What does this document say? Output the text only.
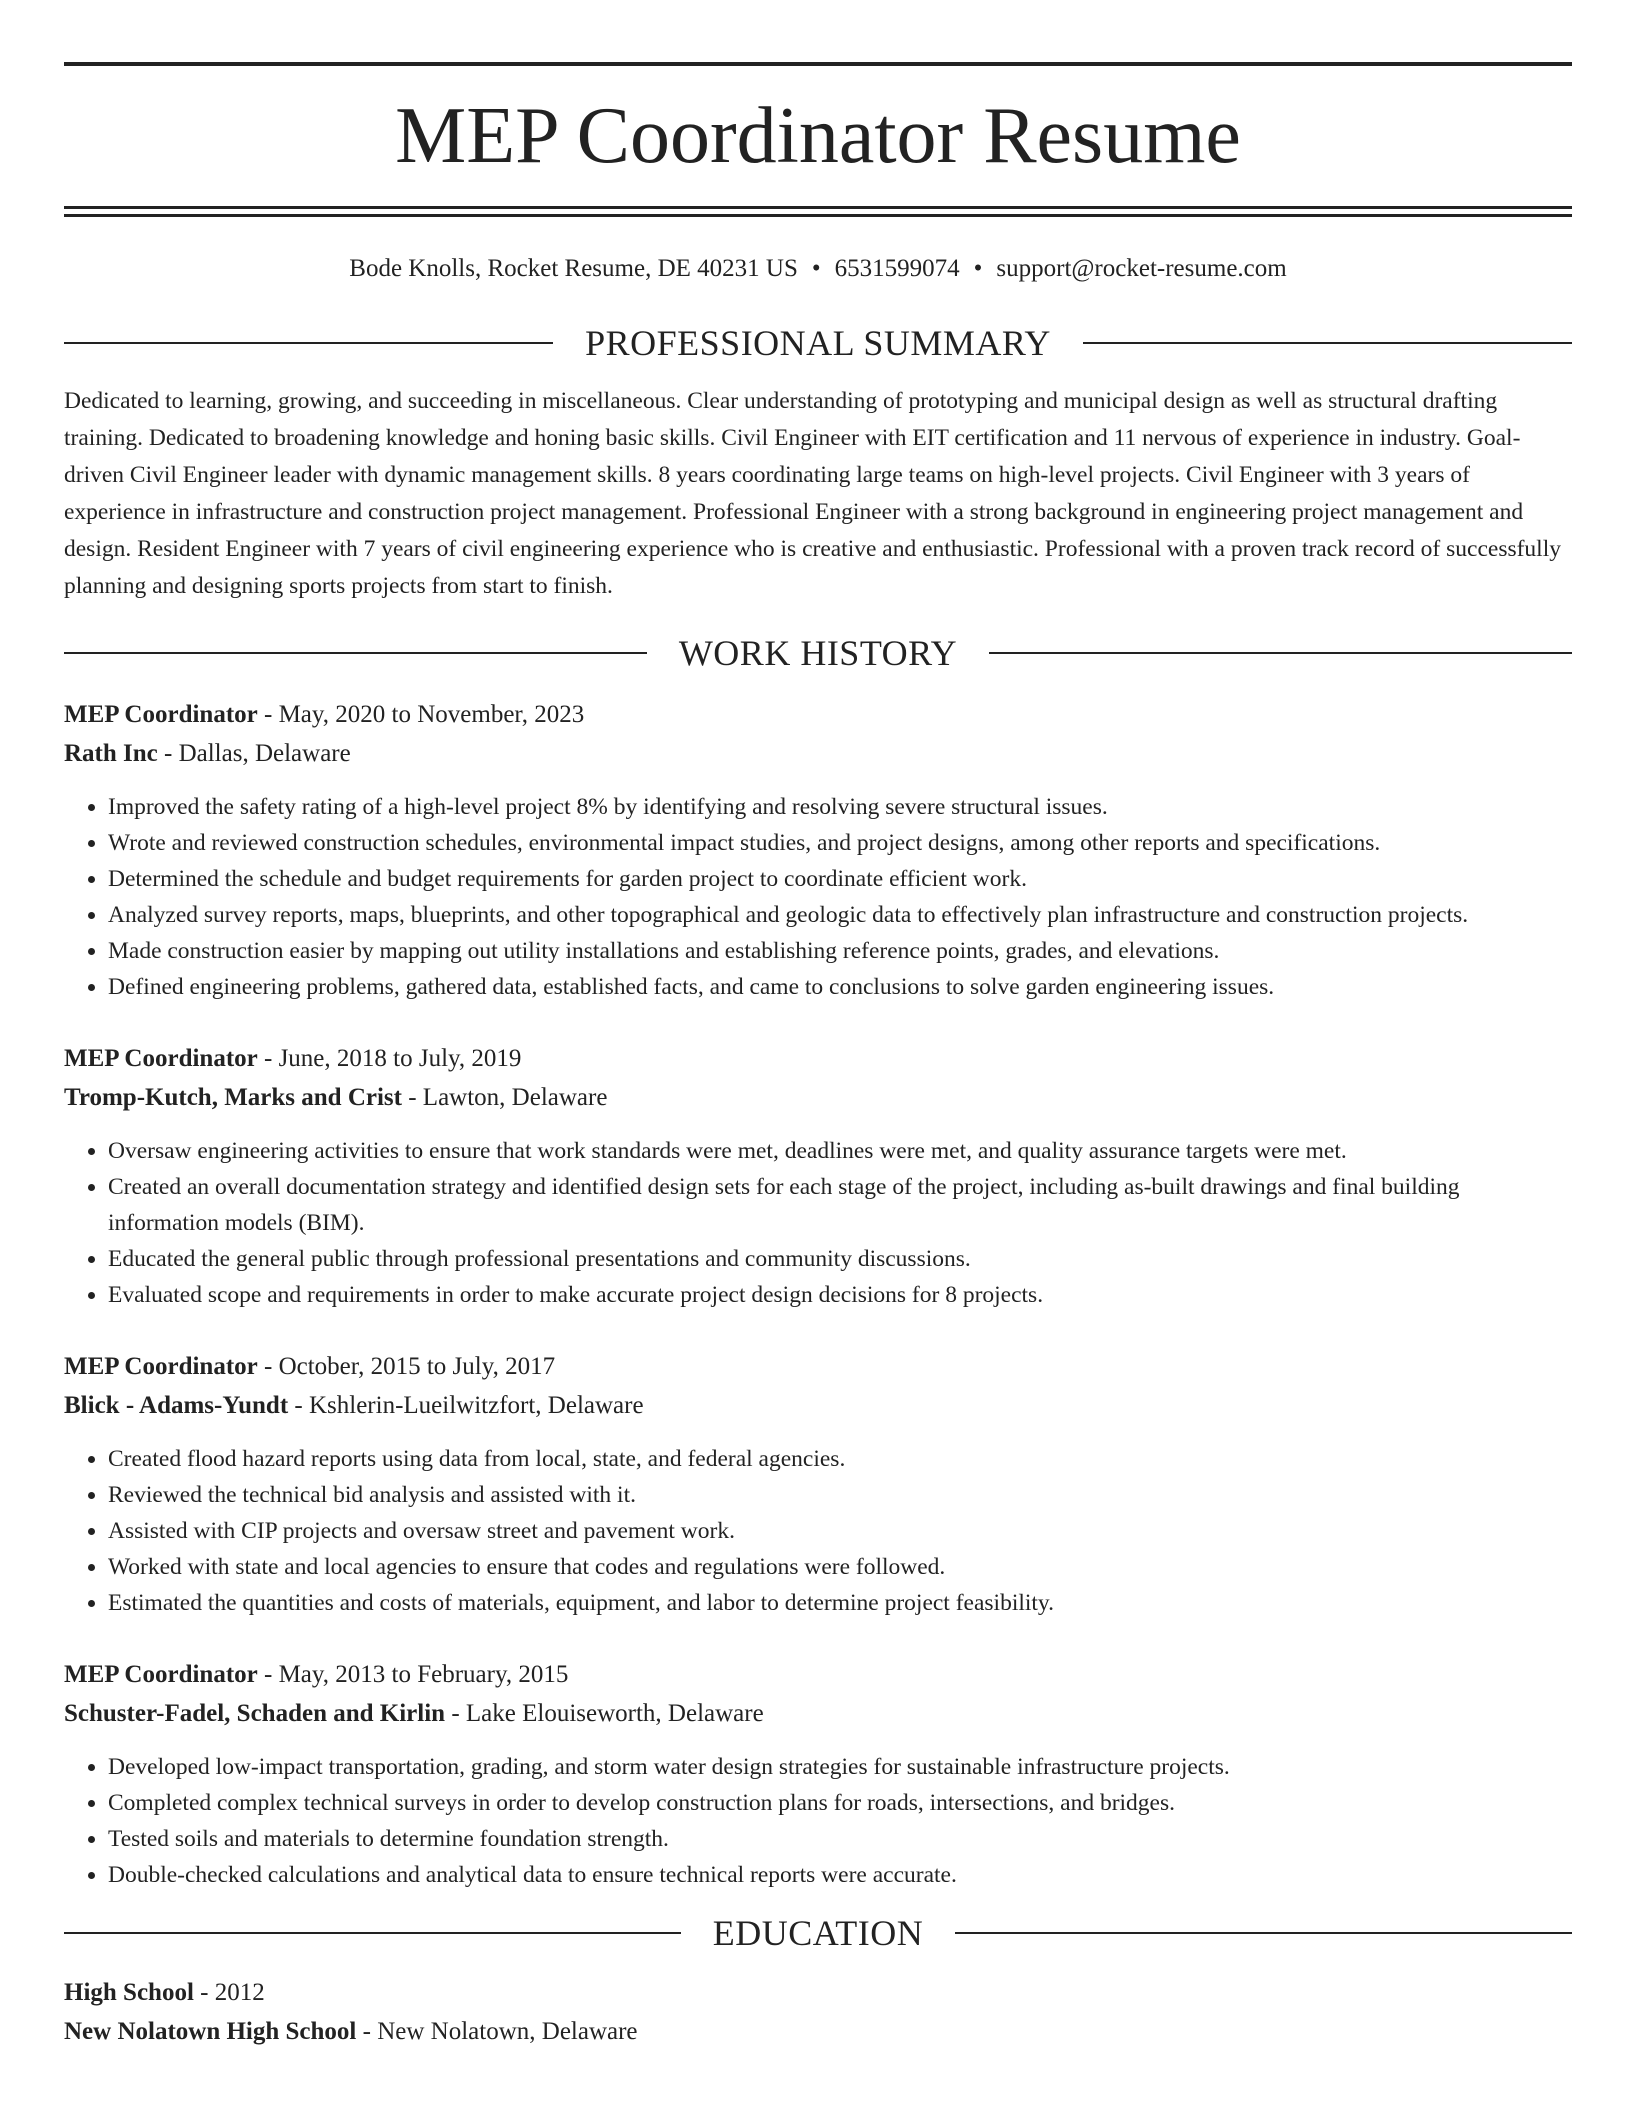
MEP Coordinator Resume
Bode Knolls, Rocket Resume, DE 40231 US • 6531599074 • support@rocket-resume.com
PROFESSIONAL SUMMARY
Dedicated to learning, growing, and succeeding in miscellaneous. Clear understanding of prototyping and municipal design as well as structural drafting training. Dedicated to broadening knowledge and honing basic skills. Civil Engineer with EIT certification and 11 nervous of experience in industry. Goal-driven Civil Engineer leader with dynamic management skills. 8 years coordinating large teams on high-level projects. Civil Engineer with 3 years of experience in infrastructure and construction project management. Professional Engineer with a strong background in engineering project management and design. Resident Engineer with 7 years of civil engineering experience who is creative and enthusiastic. Professional with a proven track record of successfully planning and designing sports projects from start to finish.
WORK HISTORY
MEP Coordinator - May, 2020 to November, 2023
Rath Inc - Dallas, Delaware
• Improved the safety rating of a high-level project 8% by identifying and resolving severe structural issues.
• Wrote and reviewed construction schedules, environmental impact studies, and project designs, among other reports and specifications.
• Determined the schedule and budget requirements for garden project to coordinate efficient work.
• Analyzed survey reports, maps, blueprints, and other topographical and geologic data to effectively plan infrastructure and construction projects.
• Made construction easier by mapping out utility installations and establishing reference points, grades, and elevations.
• Defined engineering problems, gathered data, established facts, and came to conclusions to solve garden engineering issues.
MEP Coordinator - June, 2018 to July, 2019
Tromp-Kutch, Marks and Crist - Lawton, Delaware
• Oversaw engineering activities to ensure that work standards were met, deadlines were met, and quality assurance targets were met.
• Created an overall documentation strategy and identified design sets for each stage of the project, including as-built drawings and final building information models (BIM).
• Educated the general public through professional presentations and community discussions.
• Evaluated scope and requirements in order to make accurate project design decisions for 8 projects.
MEP Coordinator - October, 2015 to July, 2017
Blick - Adams-Yundt - Kshlerin-Lueilwitzfort, Delaware
• Created flood hazard reports using data from local, state, and federal agencies.
• Reviewed the technical bid analysis and assisted with it.
• Assisted with CIP projects and oversaw street and pavement work.
• Worked with state and local agencies to ensure that codes and regulations were followed.
• Estimated the quantities and costs of materials, equipment, and labor to determine project feasibility.
MEP Coordinator - May, 2013 to February, 2015
Schuster-Fadel, Schaden and Kirlin - Lake Elouiseworth, Delaware
• Developed low-impact transportation, grading, and storm water design strategies for sustainable infrastructure projects.
• Completed complex technical surveys in order to develop construction plans for roads, intersections, and bridges.
• Tested soils and materials to determine foundation strength.
• Double-checked calculations and analytical data to ensure technical reports were accurate.
EDUCATION
High School - 2012
New Nolatown High School - New Nolatown, Delaware
